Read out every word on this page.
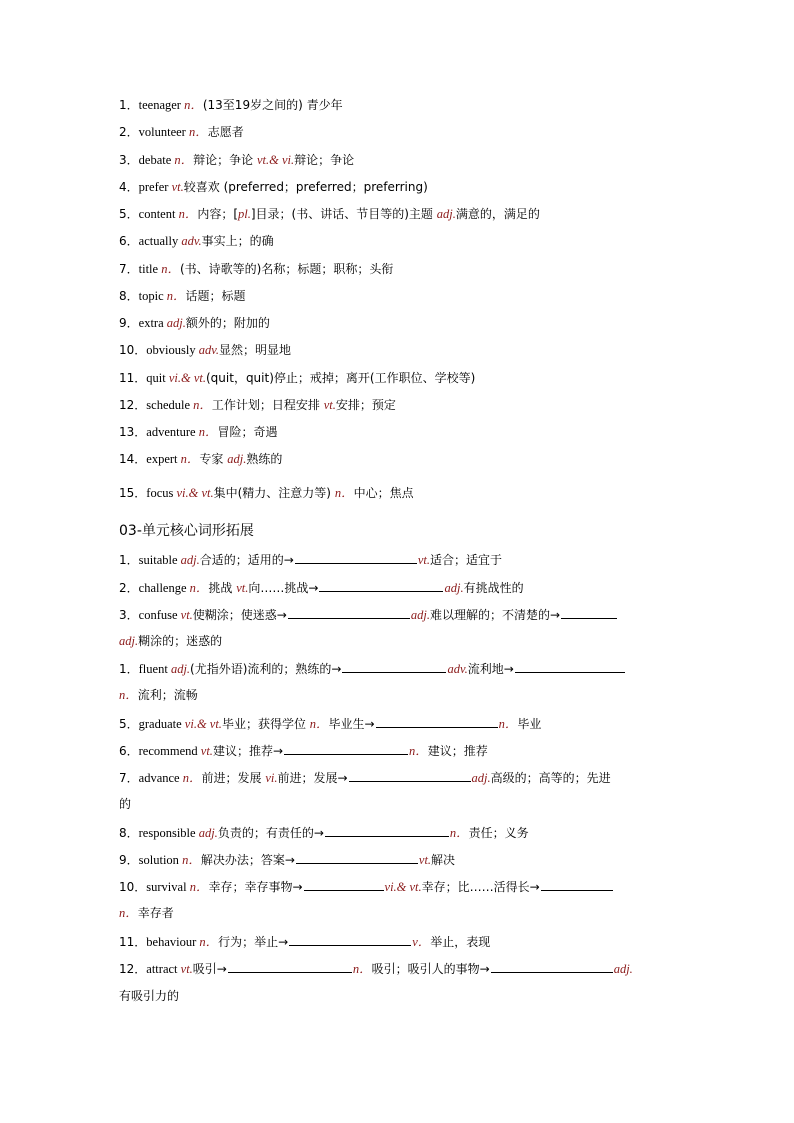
1．teenager n．(13至19岁之间的) 青少年
2．volunteer n．志愿者
3．debate n．辩论；争论 vt.& vi.辩论；争论
4．prefer vt.较喜欢 (preferred；preferred；preferring)
5．content n．内容；[pl.]目录；(书、讲话、节目等的)主题 adj.满意的，满足的
6．actually adv.事实上；的确
7．title n．(书、诗歌等的)名称；标题；职称；头衔
8．topic n．话题；标题
9．extra adj.额外的；附加的
10．obviously adv.显然；明显地
11．quit vi.& vt.(quit，quit)停止；戒掉；离开(工作职位、学校等)
12．schedule n．工作计划；日程安排 vt.安排；预定
13．adventure n．冒险；奇遇
14．expert n．专家 adj.熟练的
15．focus vi.& vt.集中(精力、注意力等) n．中心；焦点
03-单元核心词形拓展
1．suitable adj.合适的；适用的→	vt.适合；适宜于
2．challenge n．挑战 vt.向……挑战→	adj.有挑战性的
3．confuse vt.使糊涂；使迷惑→	adj.难以理解的；不清楚的→
adj.糊涂的；迷惑的
1．fluent adj.(尤指外语)流利的；熟练的→	adv.流利地→
n．流利；流畅
5．graduate vi.& vt.毕业；获得学位 n．毕业生→	n．毕业
6．recommend vt.建议；推荐→	n．建议；推荐
7．advance n．前进；发展 vi.前进；发展→	adj.高级的；高等的；先进
的
8．responsible adj.负责的；有责任的→	n．责任；义务
9．solution n．解决办法；答案→	vt.解决
10．survival n．幸存；幸存事物→	vi.& vt.幸存；比……活得长→
n．幸存者
11．behaviour n．行为；举止→	v．举止，表现
12．attract vt.吸引→	n．吸引；吸引人的事物→	adj.
有吸引力的
